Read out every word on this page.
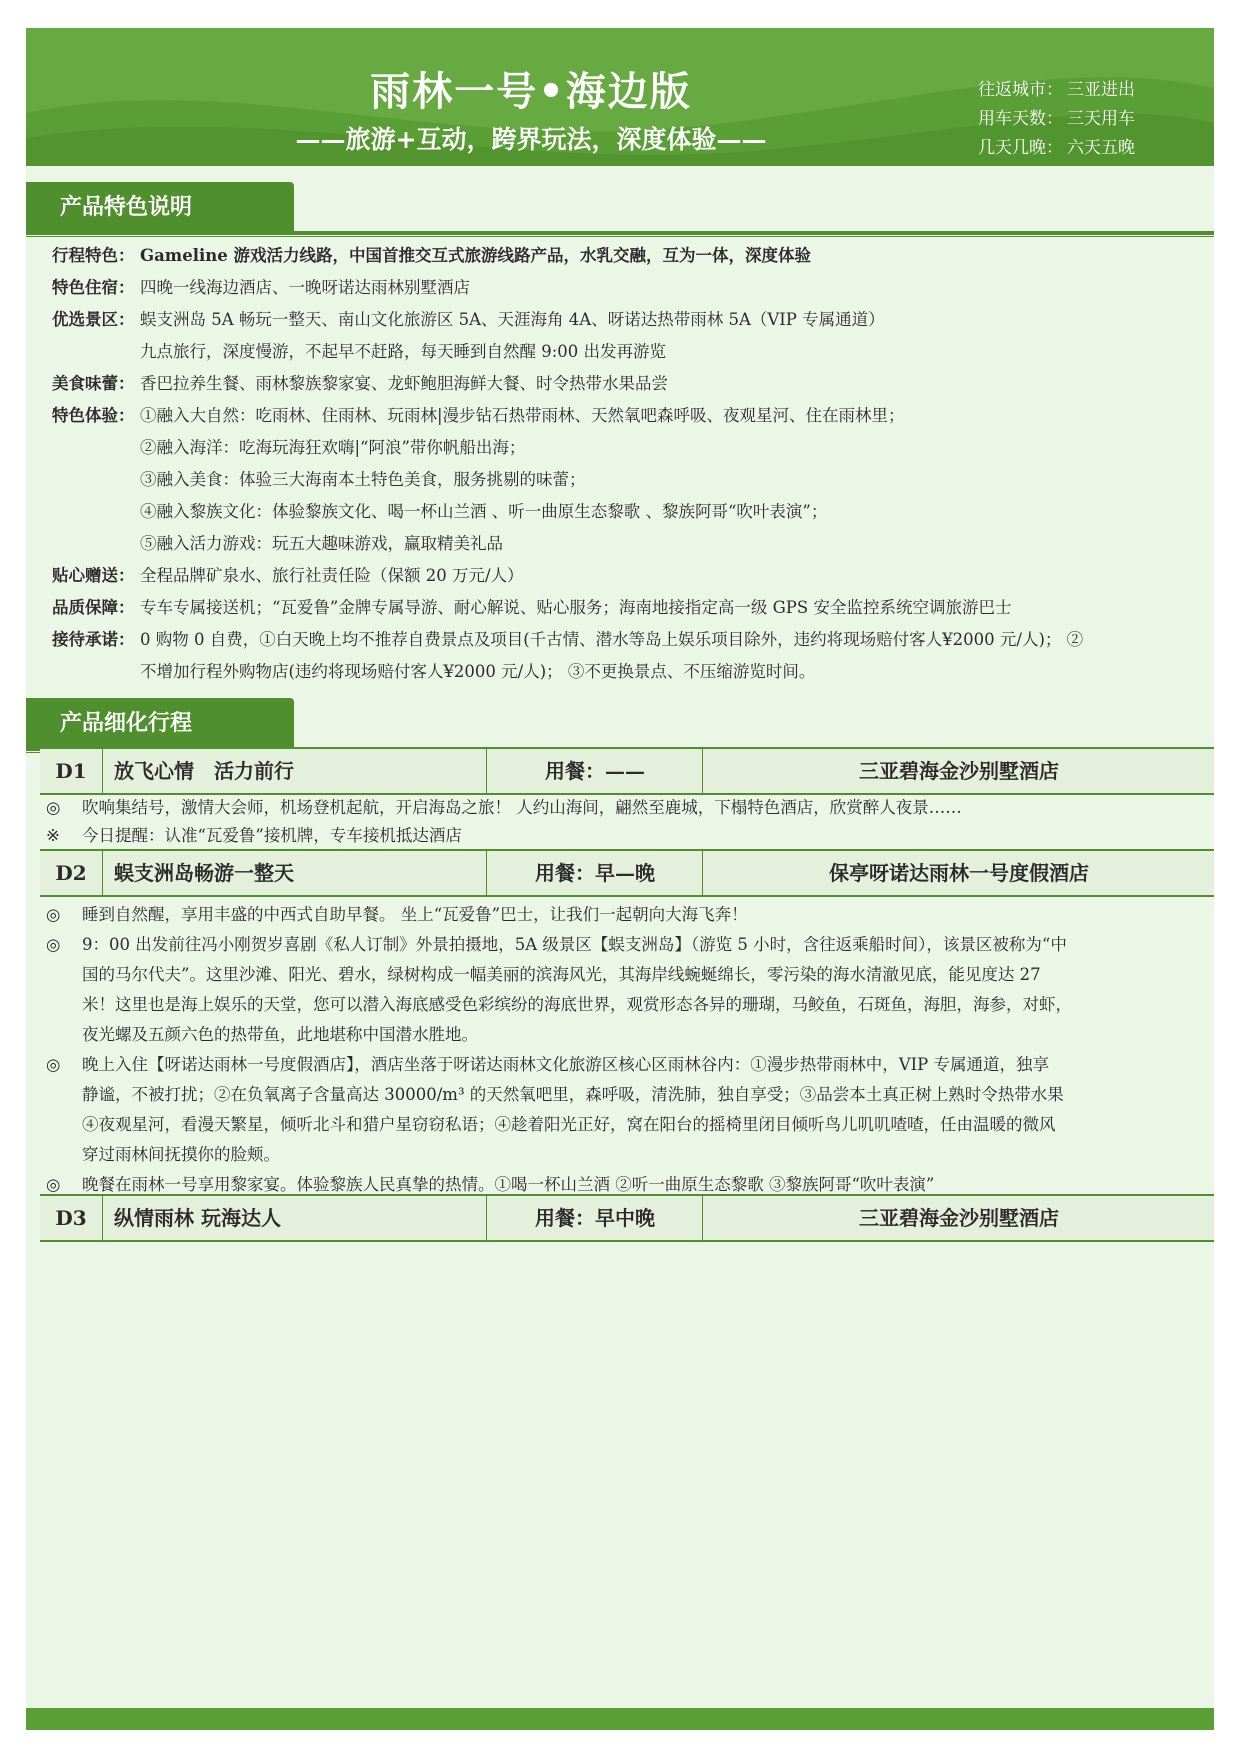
雨林一号•海边版
——旅游+互动，跨界玩法，深度体验——
往返城市： 三亚进出
用车天数： 三天用车
几天几晚： 六天五晚
产品特色说明
行程特色： Gameline 游戏活力线路，中国首推交互式旅游线路产品，水乳交融，互为一体，深度体验
特色住宿： 四晚一线海边酒店、一晚呀诺达雨林别墅酒店
优选景区： 蜈支洲岛 5A 畅玩一整天、南山文化旅游区 5A、天涯海角 4A、呀诺达热带雨林 5A（VIP 专属通道）
九点旅行，深度慢游，不起早不赶路，每天睡到自然醒 9:00 出发再游览
美食味蕾： 香巴拉养生餐、雨林黎族黎家宴、龙虾鲍胆海鲜大餐、时令热带水果品尝
特色体验： ①融入大自然：吃雨林、住雨林、玩雨林|漫步钻石热带雨林、天然氧吧森呼吸、夜观星河、住在雨林里；
②融入海洋：吃海玩海狂欢嗨|“阿浪”带你帆船出海；
③融入美食：体验三大海南本土特色美食，服务挑剔的味蕾；
④融入黎族文化：体验黎族文化、喝一杯山兰酒 、听一曲原生态黎歌 、黎族阿哥“吹叶表演”；
⑤融入活力游戏：玩五大趣味游戏，赢取精美礼品
贴心赠送： 全程品牌矿泉水、旅行社责任险（保额 20 万元/人）
品质保障： 专车专属接送机；“瓦爱鲁”金牌专属导游、耐心解说、贴心服务；海南地接指定高一级 GPS 安全监控系统空调旅游巴士
接待承诺： 0 购物 0 自费，①白天晚上均不推荐自费景点及项目(千古情、潜水等岛上娱乐项目除外，违约将现场赔付客人¥2000 元/人)； ②
不增加行程外购物店(违约将现场赔付客人¥2000 元/人)； ③不更换景点、不压缩游览时间。
产品细化行程
D1	放飞心情　活力前行	用餐：——	三亚碧海金沙别墅酒店
◎ 吹响集结号，激情大会师，机场登机起航，开启海岛之旅！ 人约山海间，翩然至鹿城，下榻特色酒店，欣赏醉人夜景……
※ 今日提醒：认准“瓦爱鲁”接机牌，专车接机抵达酒店
D2	蜈支洲岛畅游一整天	用餐：早—晚	保亭呀诺达雨林一号度假酒店
◎ 睡到自然醒，享用丰盛的中西式自助早餐。 坐上“瓦爱鲁”巴士，让我们一起朝向大海飞奔！
◎ 9：00 出发前往冯小刚贺岁喜剧《私人订制》外景拍摄地，5A 级景区【蜈支洲岛】（游览 5 小时，含往返乘船时间），该景区被称为“中
国的马尔代夫”。这里沙滩、阳光、碧水，绿树构成一幅美丽的滨海风光，其海岸线蜿蜒绵长，零污染的海水清澈见底，能见度达 27
米！这里也是海上娱乐的天堂，您可以潜入海底感受色彩缤纷的海底世界，观赏形态各异的珊瑚，马鲛鱼，石斑鱼，海胆，海参，对虾，
夜光螺及五颜六色的热带鱼，此地堪称中国潜水胜地。
◎ 晚上入住【呀诺达雨林一号度假酒店】，酒店坐落于呀诺达雨林文化旅游区核心区雨林谷内：①漫步热带雨林中，VIP 专属通道，独享
静谧，不被打扰；②在负氧离子含量高达 30000/m³ 的天然氧吧里，森呼吸，清洗肺，独自享受；③品尝本土真正树上熟时令热带水果
④夜观星河，看漫天繁星，倾听北斗和猎户星窃窃私语；④趁着阳光正好，窝在阳台的摇椅里闭目倾听鸟儿叽叽喳喳，任由温暖的微风
穿过雨林间抚摸你的脸颊。
◎ 晚餐在雨林一号享用黎家宴。体验黎族人民真挚的热情。①喝一杯山兰酒 ②听一曲原生态黎歌 ③黎族阿哥“吹叶表演”
D3	纵情雨林 玩海达人	用餐：早中晚	三亚碧海金沙别墅酒店
